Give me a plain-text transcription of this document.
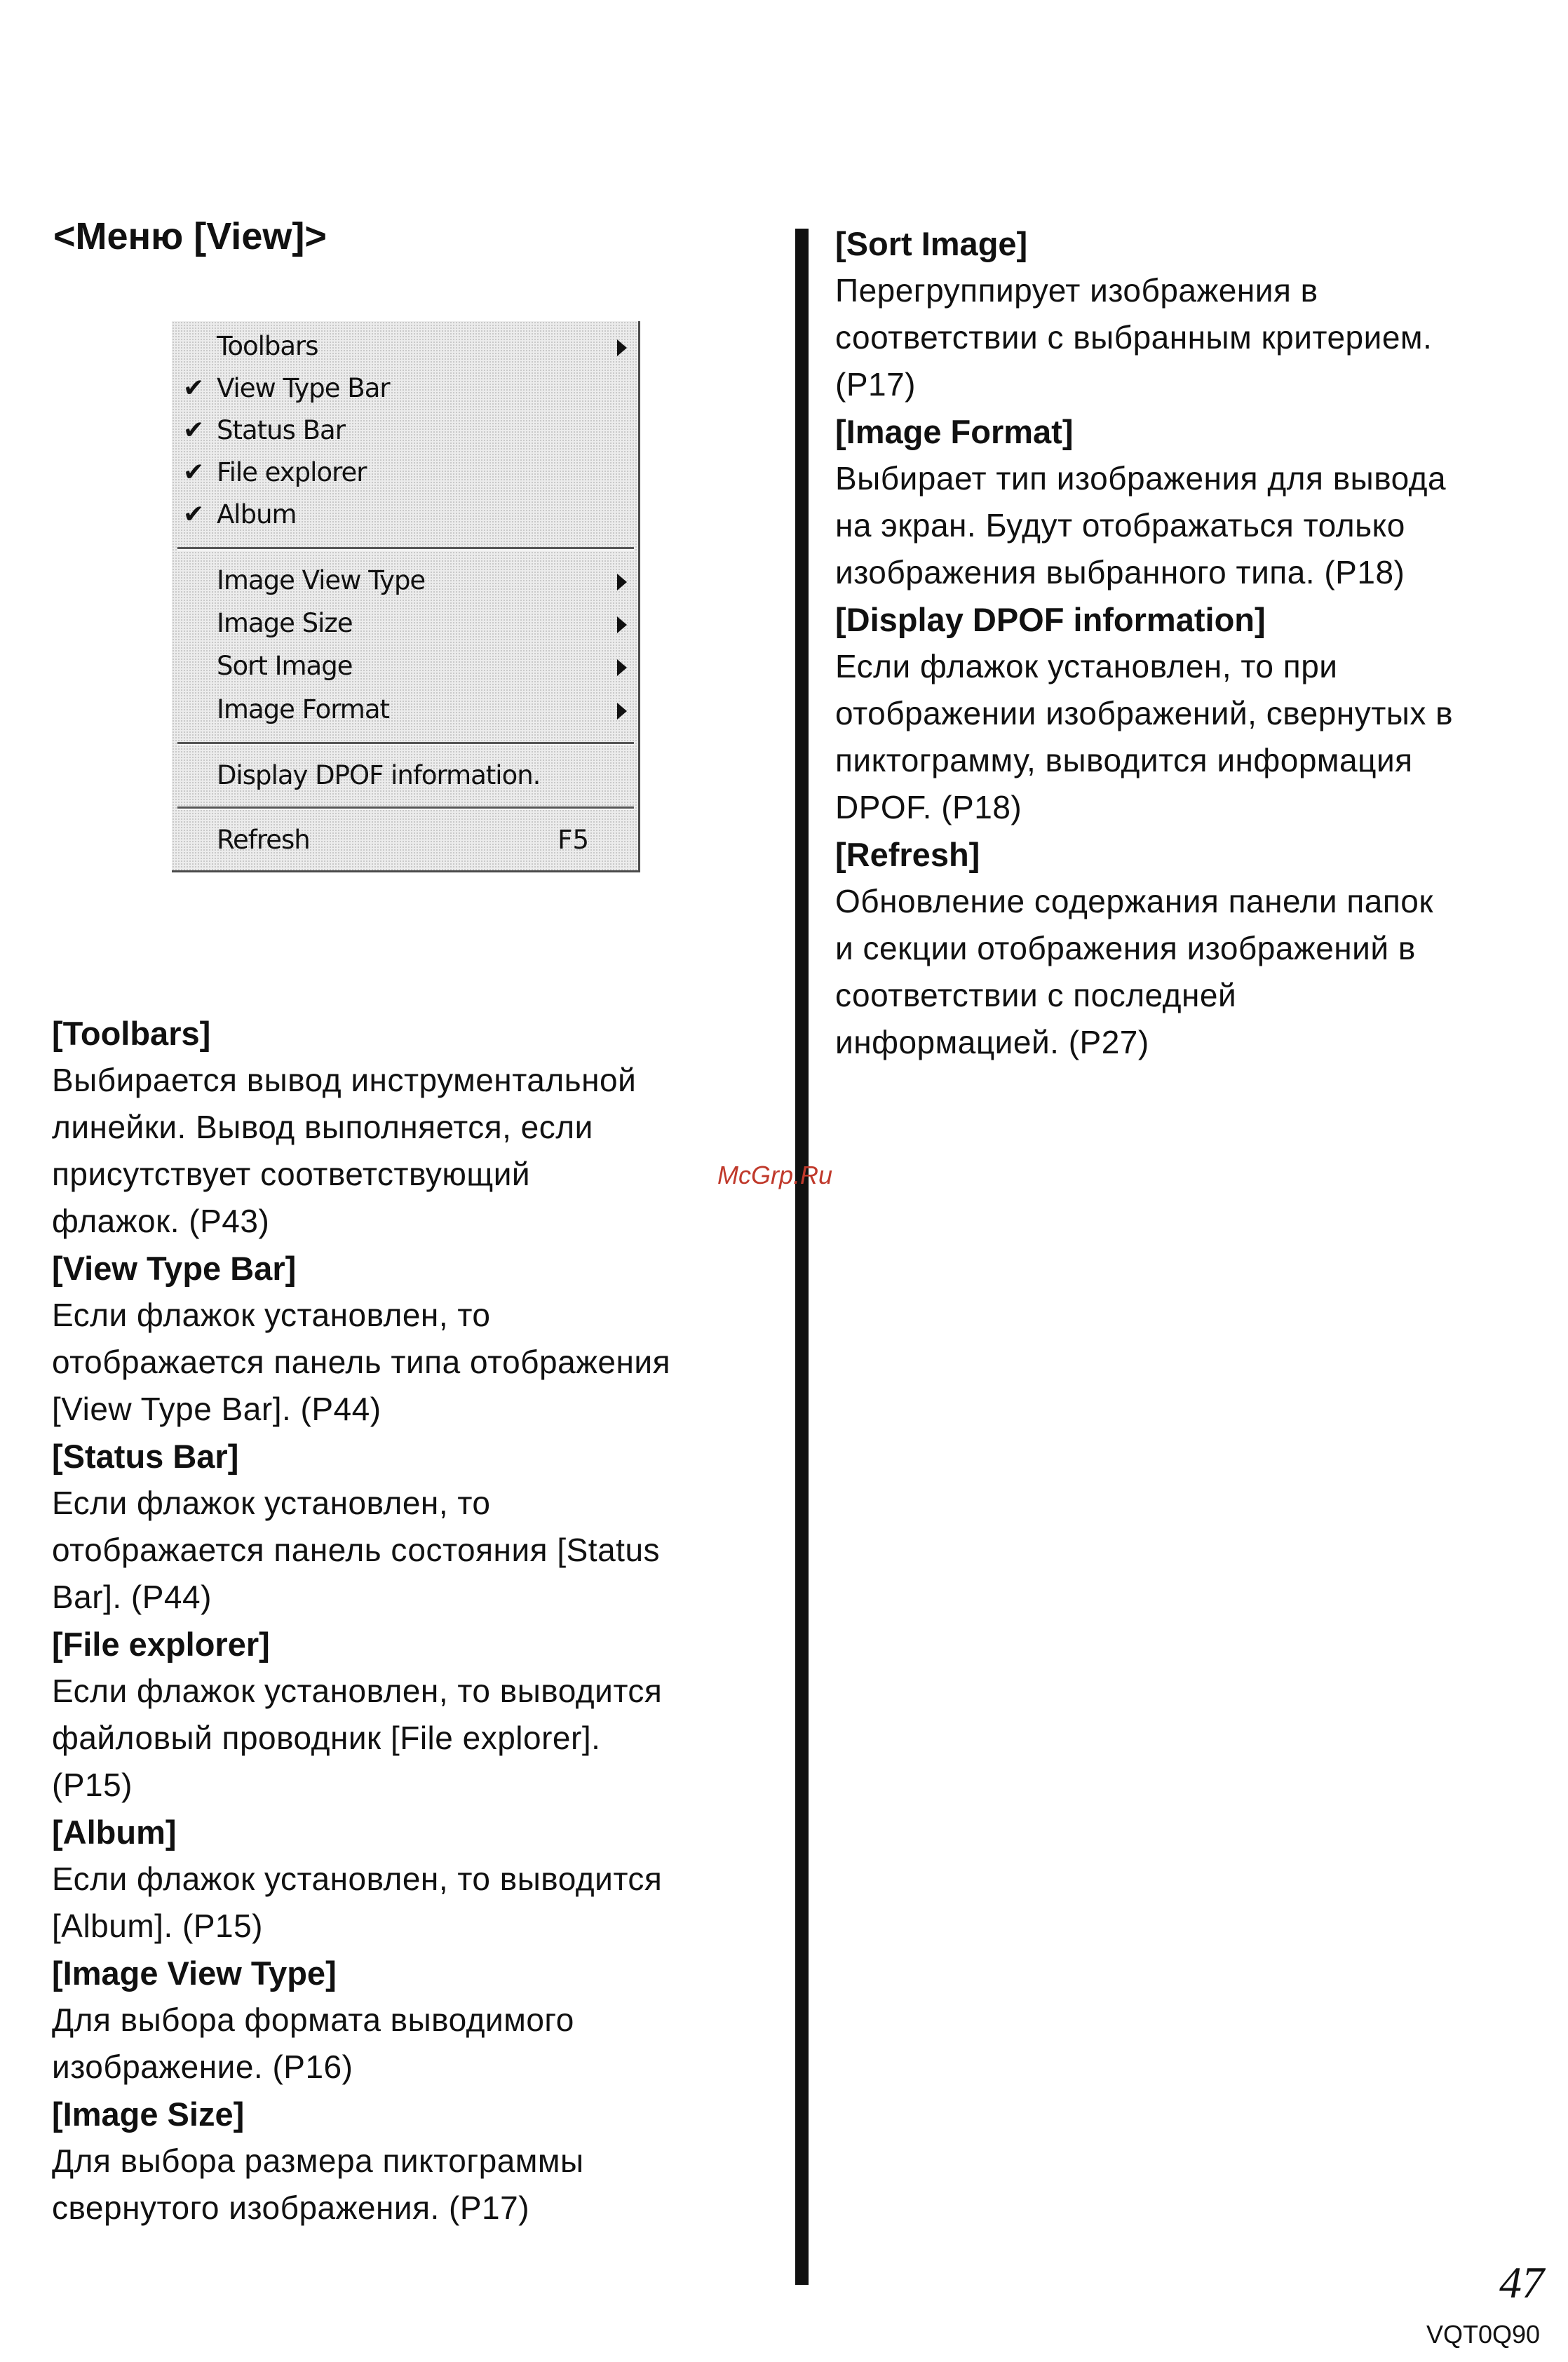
<Меню [View]>
Toolbars
✔ View Type Bar
✔ Status Bar
✔ File explorer
✔ Album
Image View Type
Image Size
Sort Image
Image Format
Display DPOF information.
Refresh	F5
[Toolbars]
Выбирается вывод инструментальной
линейки. Вывод выполняется, если
присутствует соответствующий
флажок. (P43)
[View Type Bar]
Если флажок установлен, то
отображается панель типа отображения
[View Type Bar]. (P44)
[Status Bar]
Если флажок установлен, то
отображается панель состояния [Status
Bar]. (P44)
[File explorer]
Если флажок установлен, то выводится
файловый проводник [File explorer].
(P15)
[Album]
Если флажок установлен, то выводится
[Album]. (P15)
[Image View Type]
Для выбора формата выводимого
изображение. (P16)
[Image Size]
Для выбора размера пиктограммы
свернутого изображения. (P17)
[Sort Image]
Перегруппирует изображения в
соответствии с выбранным критерием.
(P17)
[Image Format]
Выбирает тип изображения для вывода
на экран. Будут отображаться только
изображения выбранного типа. (P18)
[Display DPOF information]
Если флажок установлен, то при
отображении изображений, свернутых в
пиктограмму, выводится информация
DPOF. (P18)
[Refresh]
Обновление содержания панели папок
и секции отображения изображений в
соответствии с последней
информацией. (P27)
McGrp.Ru
47
VQT0Q90
